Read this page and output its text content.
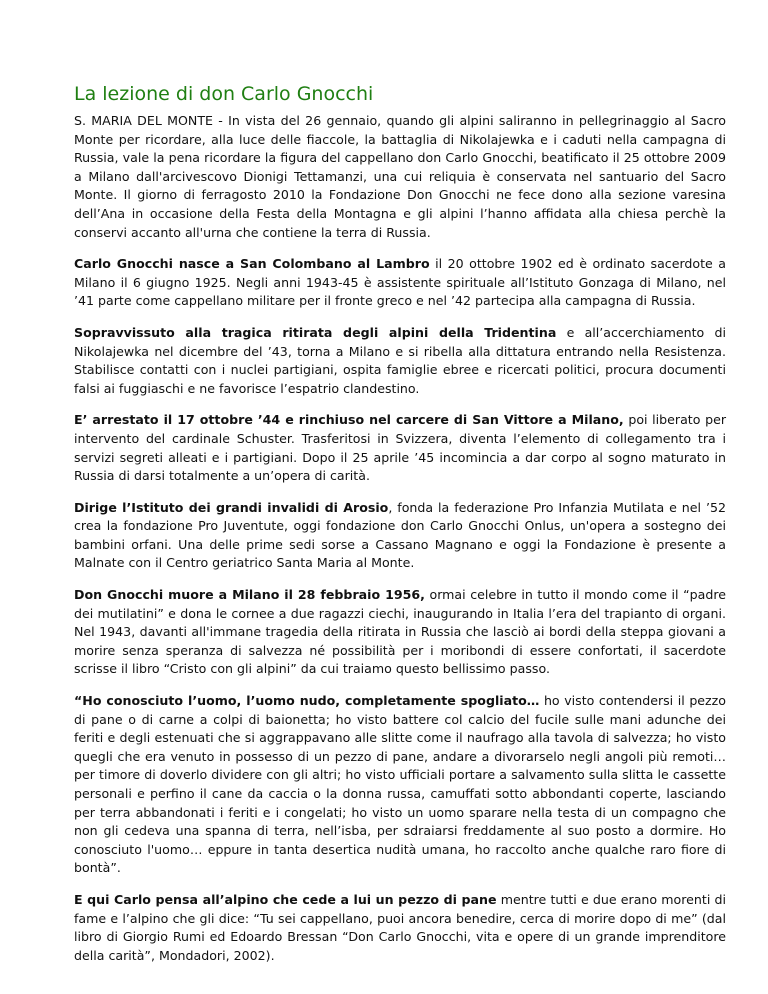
La lezione di don Carlo Gnocchi

S. MARIA DEL MONTE - In vista del 26 gennaio, quando gli alpini saliranno in pellegrinaggio al Sacro Monte per ricordare, alla luce delle fiaccole, la battaglia di Nikolajewka e i caduti nella campagna di Russia, vale la pena ricordare la figura del cappellano don Carlo Gnocchi, beatificato il 25 ottobre 2009 a Milano dall'arcivescovo Dionigi Tettamanzi, una cui reliquia è conservata nel santuario del Sacro Monte. Il giorno di ferragosto 2010 la Fondazione Don Gnocchi ne fece dono alla sezione varesina dell’Ana in occasione della Festa della Montagna e gli alpini l’hanno affidata alla chiesa perchè la conservi accanto all'urna che contiene la terra di Russia.

Carlo Gnocchi nasce a San Colombano al Lambro il 20 ottobre 1902 ed è ordinato sacerdote a Milano il 6 giugno 1925. Negli anni 1943-45 è assistente spirituale all’Istituto Gonzaga di Milano, nel ’41 parte come cappellano militare per il fronte greco e nel ’42 partecipa alla campagna di Russia.

Sopravvissuto alla tragica ritirata degli alpini della Tridentina e all’accerchiamento di Nikolajewka nel dicembre del ’43, torna a Milano e si ribella alla dittatura entrando nella Resistenza. Stabilisce contatti con i nuclei partigiani, ospita famiglie ebree e ricercati politici, procura documenti falsi ai fuggiaschi e ne favorisce l’espatrio clandestino.

E’ arrestato il 17 ottobre ’44 e rinchiuso nel carcere di San Vittore a Milano, poi liberato per intervento del cardinale Schuster. Trasferitosi in Svizzera, diventa l’elemento di collegamento tra i servizi segreti alleati e i partigiani. Dopo il 25 aprile ’45 incomincia a dar corpo al sogno maturato in Russia di darsi totalmente a un’opera di carità.

Dirige l’Istituto dei grandi invalidi di Arosio, fonda la federazione Pro Infanzia Mutilata e nel ’52 crea la fondazione Pro Juventute, oggi fondazione don Carlo Gnocchi Onlus, un'opera a sostegno dei bambini orfani. Una delle prime sedi sorse a Cassano Magnano e oggi la Fondazione è presente a Malnate con il Centro geriatrico Santa Maria al Monte.

Don Gnocchi muore a Milano il 28 febbraio 1956, ormai celebre in tutto il mondo come il “padre dei mutilatini” e dona le cornee a due ragazzi ciechi, inaugurando in Italia l’era del trapianto di organi. Nel 1943, davanti all'immane tragedia della ritirata in Russia che lasciò ai bordi della steppa giovani a morire senza speranza di salvezza né possibilità per i moribondi di essere confortati, il sacerdote scrisse il libro “Cristo con gli alpini” da cui traiamo questo bellissimo passo.

“Ho conosciuto l’uomo, l’uomo nudo, completamente spogliato… ho visto contendersi il pezzo di pane o di carne a colpi di baionetta; ho visto battere col calcio del fucile sulle mani adunche dei feriti e degli estenuati che si aggrappavano alle slitte come il naufrago alla tavola di salvezza; ho visto quegli che era venuto in possesso di un pezzo di pane, andare a divorarselo negli angoli più remoti… per timore di doverlo dividere con gli altri; ho visto ufficiali portare a salvamento sulla slitta le cassette personali e perfino il cane da caccia o la donna russa, camuffati sotto abbondanti coperte, lasciando per terra abbandonati i feriti e i congelati; ho visto un uomo sparare nella testa di un compagno che non gli cedeva una spanna di terra, nell’isba, per sdraiarsi freddamente al suo posto a dormire. Ho conosciuto l'uomo… eppure in tanta desertica nudità umana, ho raccolto anche qualche raro fiore di bontà”.

E qui Carlo pensa all’alpino che cede a lui un pezzo di pane mentre tutti e due erano morenti di fame e l’alpino che gli dice: “Tu sei cappellano, puoi ancora benedire, cerca di morire dopo di me” (dal libro di Giorgio Rumi ed Edoardo Bressan “Don Carlo Gnocchi, vita e opere di un grande imprenditore della carità”, Mondadori, 2002).
